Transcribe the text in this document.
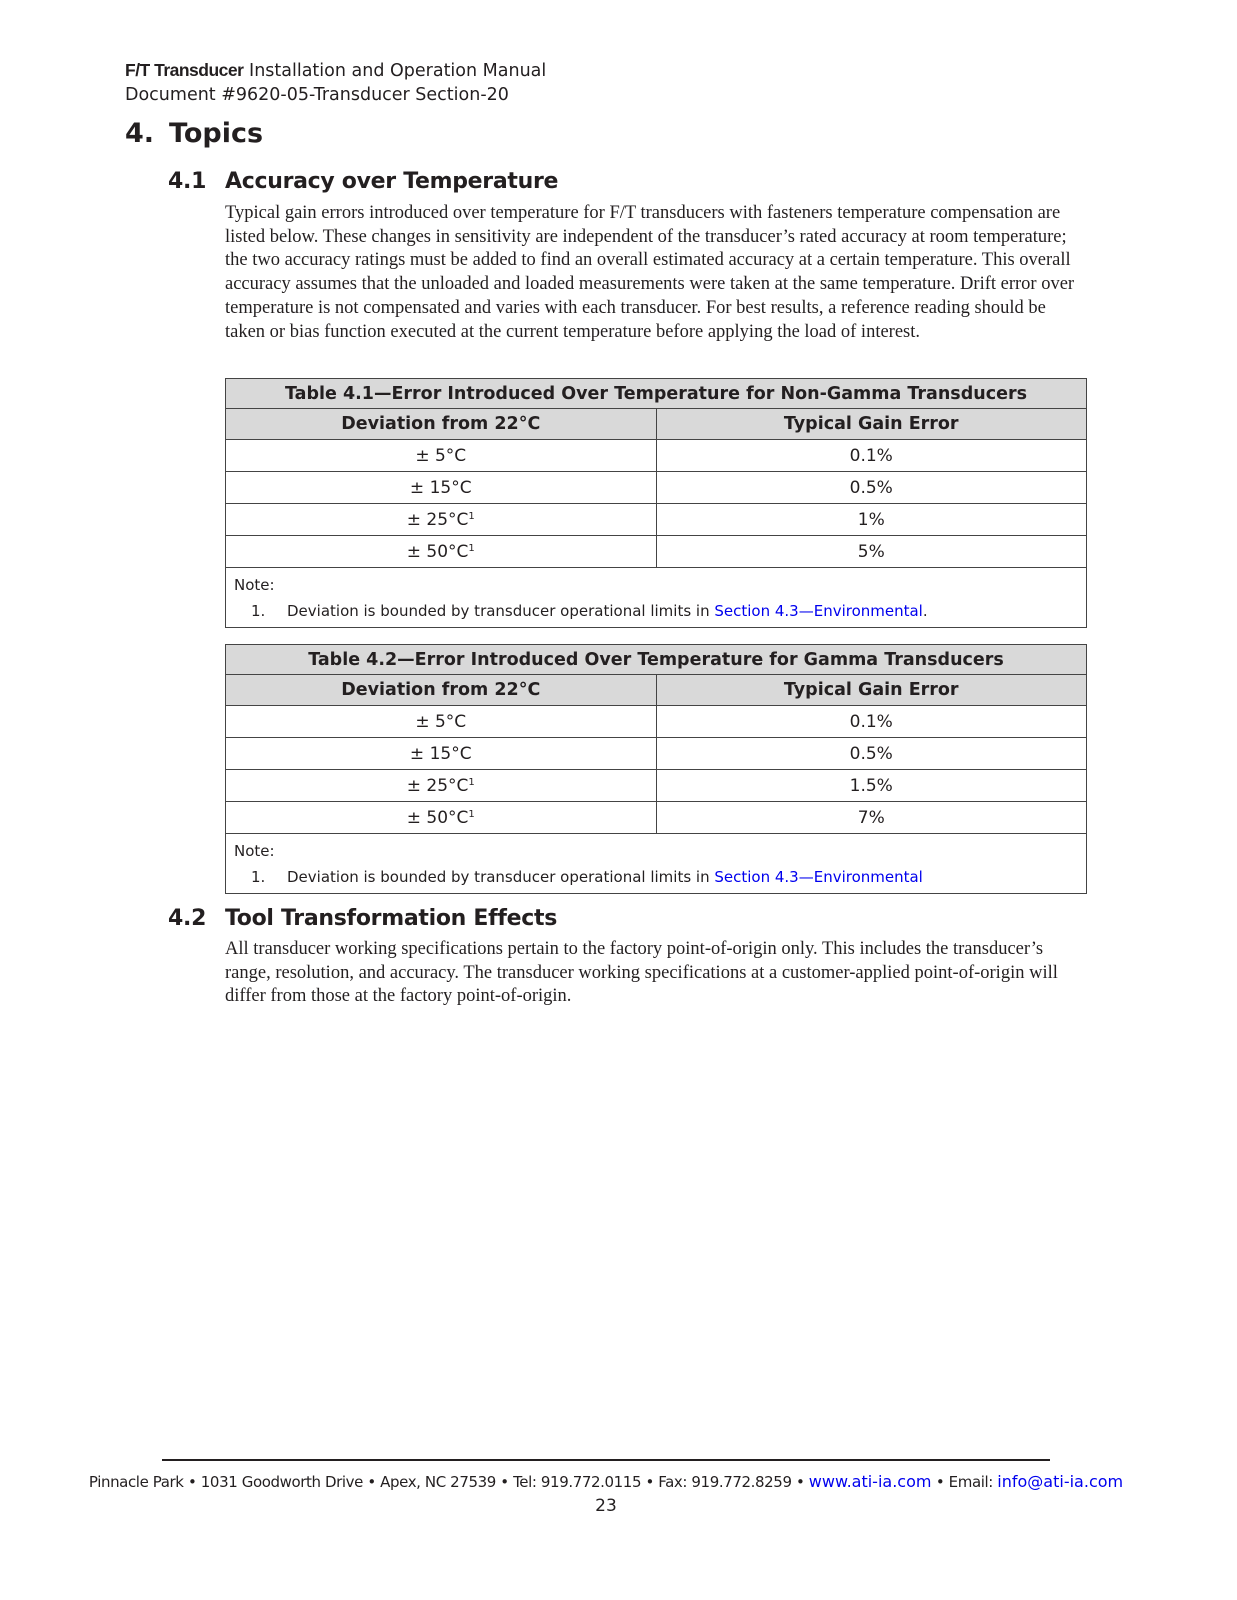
F/T Transducer Installation and Operation Manual
Document #9620-05-Transducer Section-20
4. Topics
4.1 Accuracy over Temperature
Typical gain errors introduced over temperature for F/T transducers with fasteners temperature compensation are listed below. These changes in sensitivity are independent of the transducer’s rated accuracy at room temperature; the two accuracy ratings must be added to find an overall estimated accuracy at a certain temperature. This overall accuracy assumes that the unloaded and loaded measurements were taken at the same temperature. Drift error over temperature is not compensated and varies with each transducer. For best results, a reference reading should be taken or bias function executed at the current temperature before applying the load of interest.
Table 4.1—Error Introduced Over Temperature for Non-Gamma Transducers	
Deviation from 22°C	Typical Gain Error
± 5°C	0.1%
± 15°C	0.5%
± $25^\circ C^1$	1%
± $50^\circ C^1$	5%

Note:
1. Deviation is bounded by transducer operational limits in Section 4.3—Environmental.	
Table 4.2—Error Introduced Over Temperature for Gamma Transducers	
Deviation from 22°C	Typical Gain Error
± 5°C	0.1%
± 15°C	0.5%
± $25^\circ C^1$	1.5%
± $50^\circ C^1$	7%

Note:
1. Deviation is bounded by transducer operational limits in Section 4.3—Environmental	
4.2 Tool Transformation Effects
All transducer working specifications pertain to the factory point-of-origin only. This includes the transducer’s range, resolution, and accuracy. The transducer working specifications at a customer-applied point-of-origin will differ from those at the factory point-of-origin.
Pinnacle Park • 1031 Goodworth Drive • Apex, NC 27539 • Tel: 919.772.0115 • Fax: 919.772.8259 • www.ati-ia.com • Email: info@ati-ia.com
23
